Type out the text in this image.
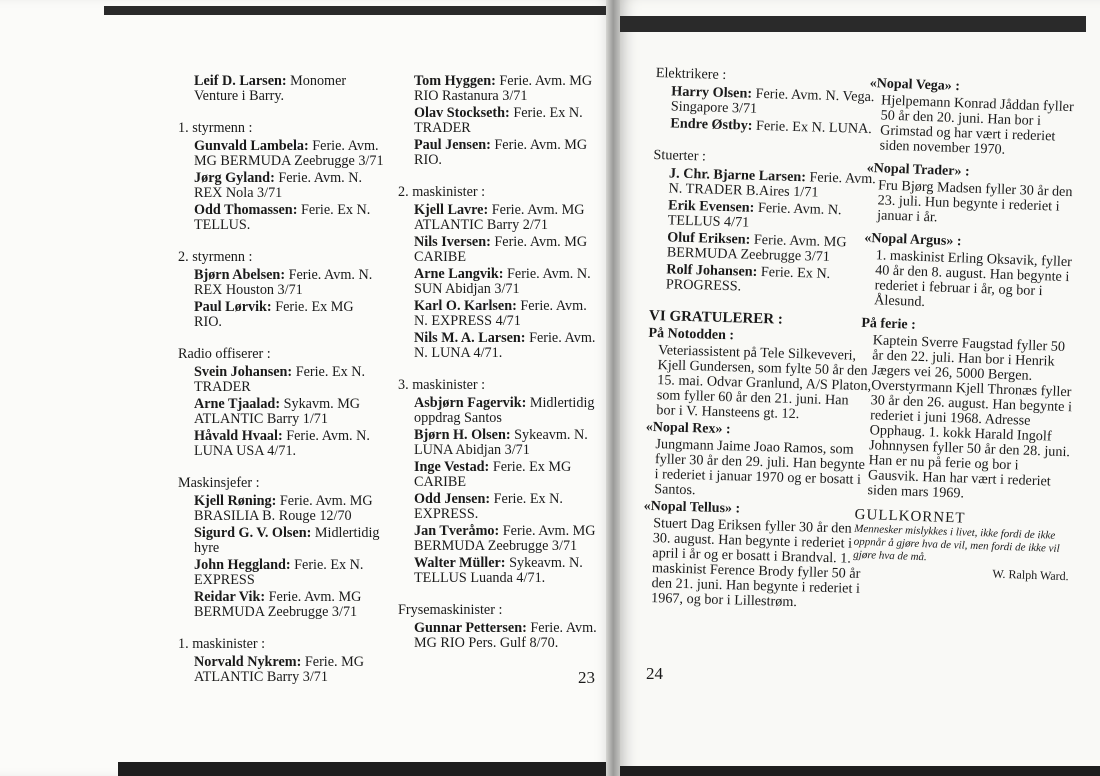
Leif D. Larsen: Monomer Venture i Barry.
1. styrmenn :
Gunvald Lambela: Ferie. Avm. MG BERMUDA Zeebrugge 3/71
Jørg Gyland: Ferie. Avm. N. REX Nola 3/71
Odd Thomassen: Ferie. Ex N. TELLUS.
2. styrmenn :
Bjørn Abelsen: Ferie. Avm. N. REX Houston 3/71
Paul Lørvik: Ferie. Ex MG RIO.
Radio offiserer :
Svein Johansen: Ferie. Ex N. TRADER
Arne Tjaalad: Sykavm. MG ATLANTIC Barry 1/71
Håvald Hvaal: Ferie. Avm. N. LUNA USA 4/71.
Maskinsjefer :
Kjell Røning: Ferie. Avm. MG BRASILIA B. Rouge 12/70
Sigurd G. V. Olsen: Midlertidig hyre
John Heggland: Ferie. Ex N. EXPRESS
Reidar Vik: Ferie. Avm. MG BERMUDA Zeebrugge 3/71
1. maskinister :
Norvald Nykrem: Ferie. MG ATLANTIC Barry 3/71
Tom Hyggen: Ferie. Avm. MG RIO Rastanura 3/71
Olav Stockseth: Ferie. Ex N. TRADER
Paul Jensen: Ferie. Avm. MG RIO.
2. maskinister :
Kjell Lavre: Ferie. Avm. MG ATLANTIC Barry 2/71
Nils Iversen: Ferie. Avm. MG CARIBE
Arne Langvik: Ferie. Avm. N. SUN Abidjan 3/71
Karl O. Karlsen: Ferie. Avm. N. EXPRESS 4/71
Nils M. A. Larsen: Ferie. Avm. N. LUNA 4/71.
3. maskinister :
Asbjørn Fagervik: Midlertidig oppdrag Santos
Bjørn H. Olsen: Sykeavm. N. LUNA Abidjan 3/71
Inge Vestad: Ferie. Ex MG CARIBE
Odd Jensen: Ferie. Ex N. EXPRESS.
Jan Tveråmo: Ferie. Avm. MG BERMUDA Zeebrugge 3/71
Walter Müller: Sykeavm. N. TELLUS Luanda 4/71.
Frysemaskinister :
Gunnar Pettersen: Ferie. Avm. MG RIO Pers. Gulf 8/70.
23
Elektrikere :
Harry Olsen: Ferie. Avm. N. Vega. Singapore 3/71
Endre Østby: Ferie. Ex N. LUNA.
Stuerter :
J. Chr. Bjarne Larsen: Ferie. Avm. N. TRADER B.Aires 1/71
Erik Evensen: Ferie. Avm. N. TELLUS 4/71
Oluf Eriksen: Ferie. Avm. MG BERMUDA Zeebrugge 3/71
Rolf Johansen: Ferie. Ex N. PROGRESS.
VI GRATULERER :
På Notodden :
Veteriassistent på Tele Silkeveveri, Kjell Gundersen, som fylte 50 år den 15. mai. Odvar Granlund, A/S Platon, som fyller 60 år den 21. juni. Han bor i V. Hansteens gt. 12.
«Nopal Rex» :
Jungmann Jaime Joao Ramos, som fyller 30 år den 29. juli. Han begynte i rederiet i januar 1970 og er bosatt i Santos.
«Nopal Tellus» :
Stuert Dag Eriksen fyller 30 år den 30. august. Han begynte i rederiet i april i år og er bosatt i Brandval. 1. maskinist Ference Brody fyller 50 år den 21. juni. Han begynte i rederiet i 1967, og bor i Lillestrøm.
«Nopal Vega» :
Hjelpemann Konrad Jåddan fyller 50 år den 20. juni. Han bor i Grimstad og har vært i rederiet siden november 1970.
«Nopal Trader» :
Fru Bjørg Madsen fyller 30 år den 23. juli. Hun begynte i rederiet i januar i år.
«Nopal Argus» :
1. maskinist Erling Oksavik, fyller 40 år den 8. august. Han begynte i rederiet i februar i år, og bor i Ålesund.
På ferie :
Kaptein Sverre Faugstad fyller 50 år den 22. juli. Han bor i Henrik Jægers vei 26, 5000 Bergen. Overstyrmann Kjell Thronæs fyller 30 år den 26. august. Han begynte i rederiet i juni 1968. Adresse Opphaug. 1. kokk Harald Ingolf Johnnysen fyller 50 år den 28. juni. Han er nu på ferie og bor i Gausvik. Han har vært i rederiet siden mars 1969.
GULLKORNET
Mennesker mislykkes i livet, ikke fordi de ikke oppnår å gjøre hva de vil, men fordi de ikke vil gjøre hva de må.
W. Ralph Ward.
24
